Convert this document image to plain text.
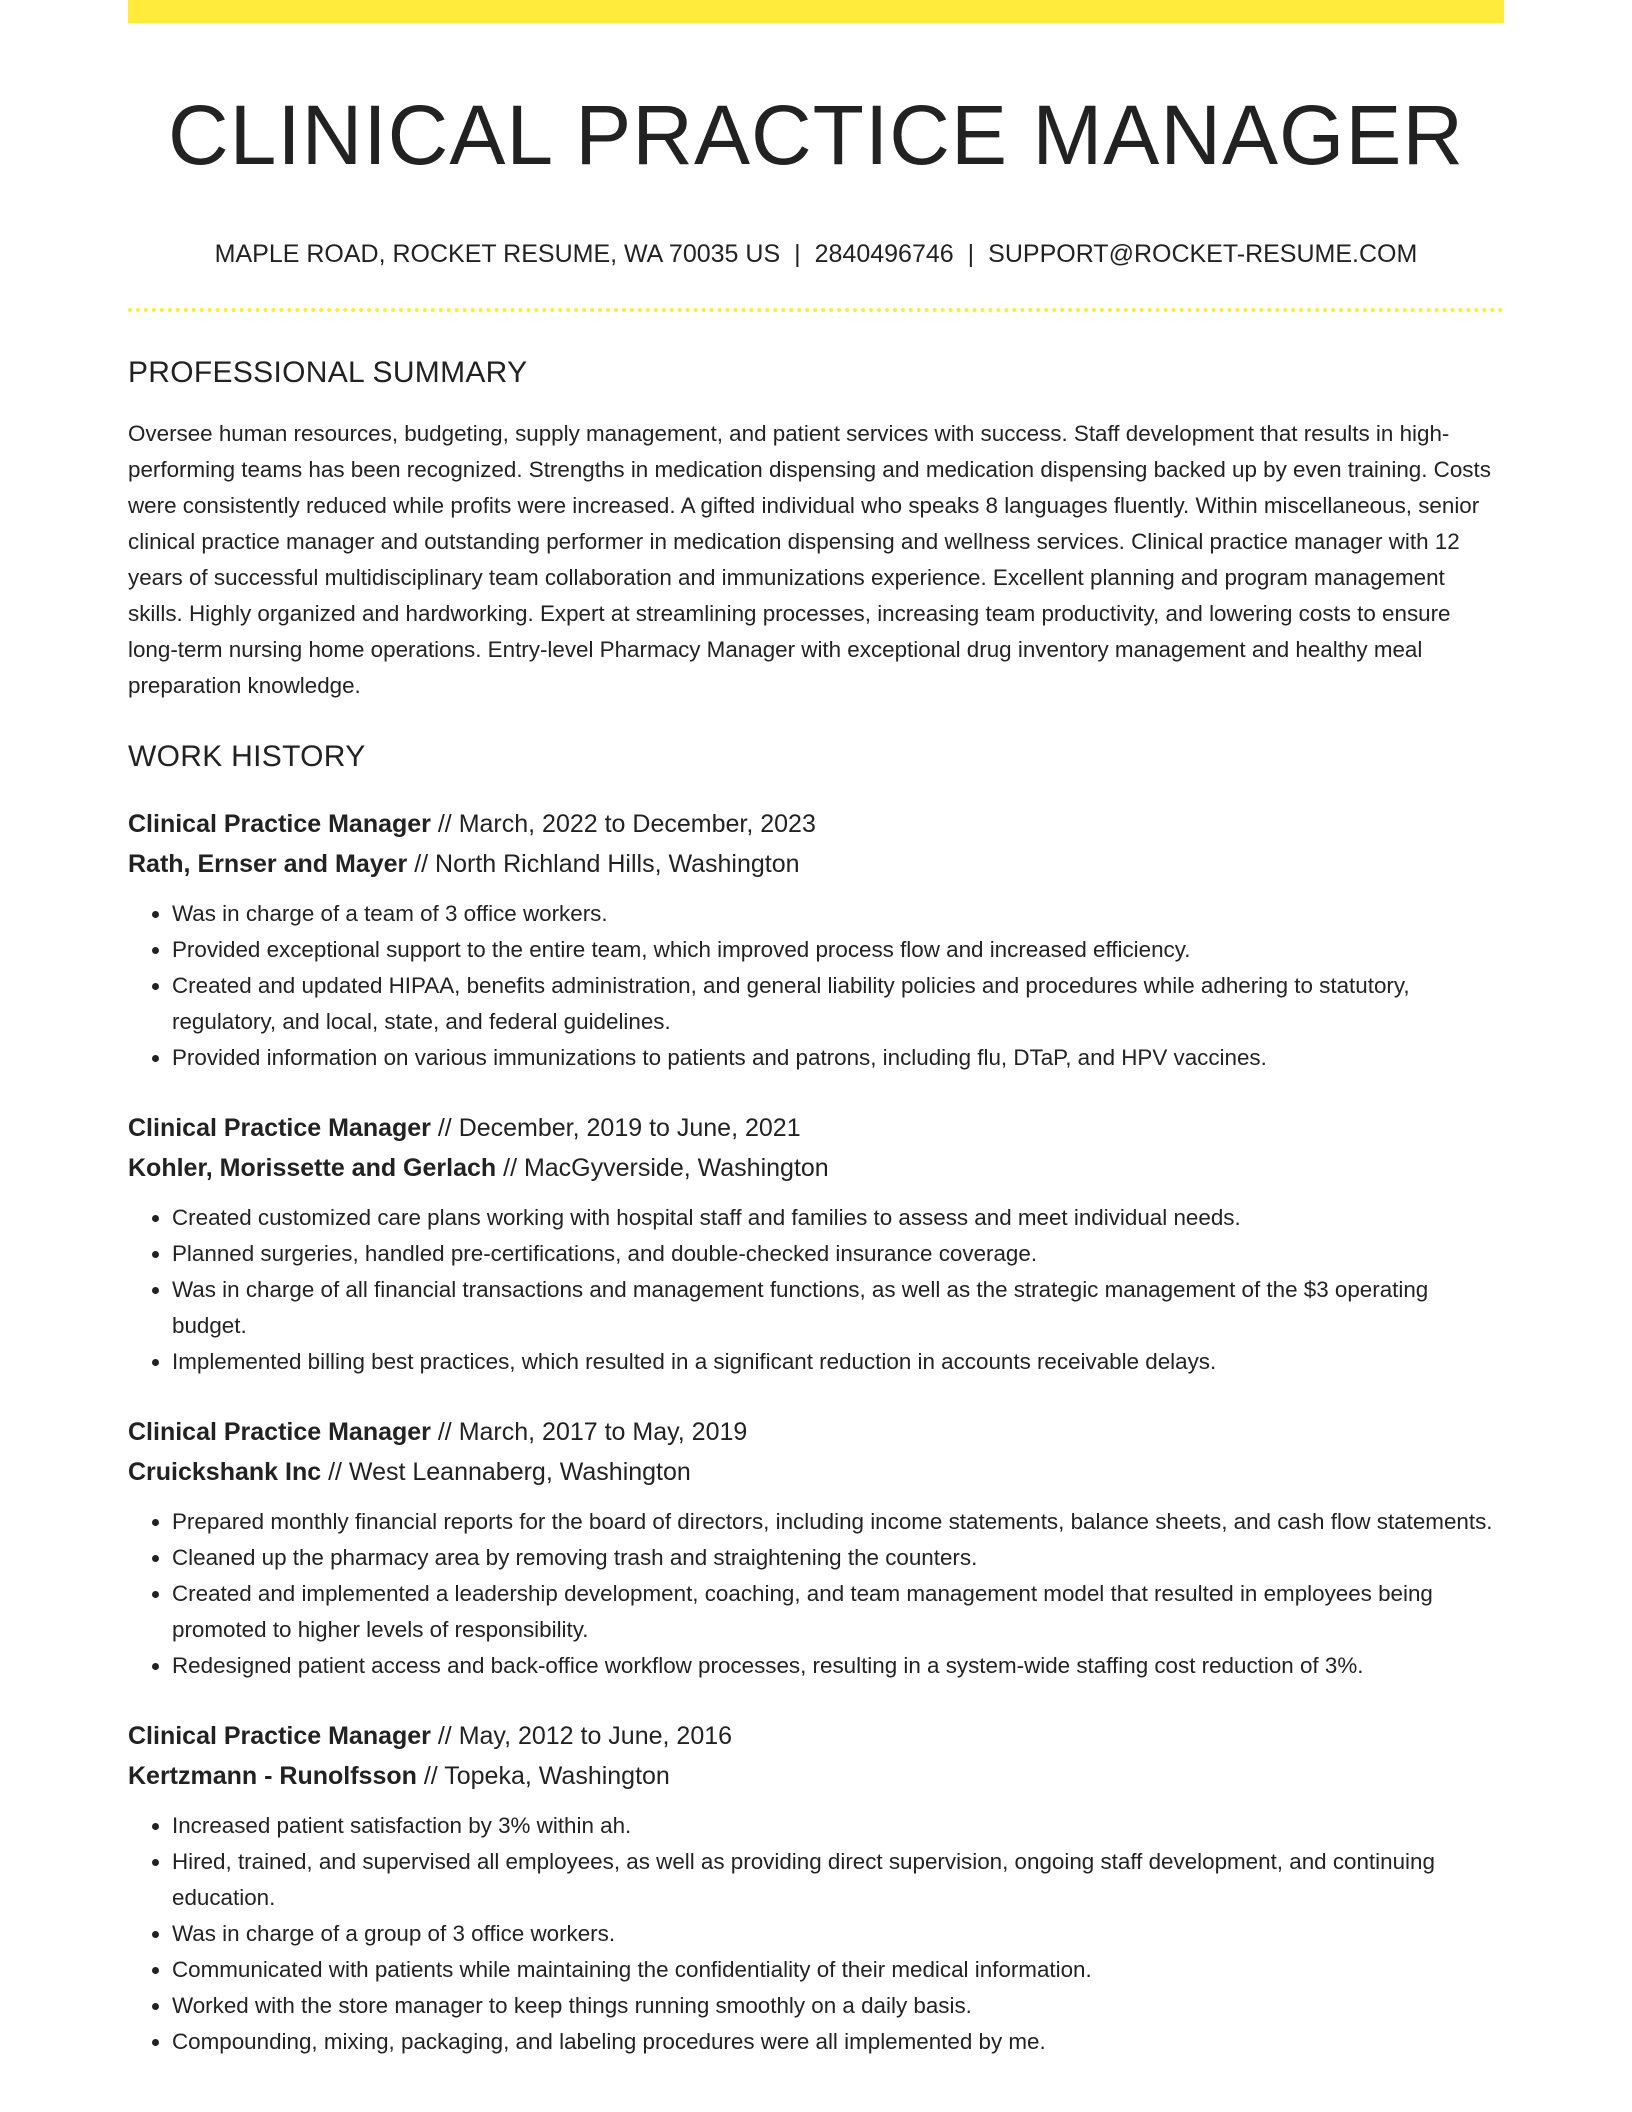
CLINICAL PRACTICE MANAGER
MAPLE ROAD, ROCKET RESUME, WA 70035 US | 2840496746 | SUPPORT@ROCKET-RESUME.COM
PROFESSIONAL SUMMARY

Oversee human resources, budgeting, supply management, and patient services with success. Staff development that results in high-performing teams has been recognized. Strengths in medication dispensing and medication dispensing backed up by even training. Costs were consistently reduced while profits were increased. A gifted individual who speaks 8 languages fluently. Within miscellaneous, senior clinical practice manager and outstanding performer in medication dispensing and wellness services. Clinical practice manager with 12 years of successful multidisciplinary team collaboration and immunizations experience. Excellent planning and program management skills. Highly organized and hardworking. Expert at streamlining processes, increasing team productivity, and lowering costs to ensure long-term nursing home operations. Entry-level Pharmacy Manager with exceptional drug inventory management and healthy meal preparation knowledge.

WORK HISTORY
Clinical Practice Manager // March, 2022 to December, 2023
Rath, Ernser and Mayer // North Richland Hills, Washington
• Was in charge of a team of 3 office workers.
• Provided exceptional support to the entire team, which improved process flow and increased efficiency.
• Created and updated HIPAA, benefits administration, and general liability policies and procedures while adhering to statutory, regulatory, and local, state, and federal guidelines.
• Provided information on various immunizations to patients and patrons, including flu, DTaP, and HPV vaccines.
Clinical Practice Manager // December, 2019 to June, 2021
Kohler, Morissette and Gerlach // MacGyverside, Washington
• Created customized care plans working with hospital staff and families to assess and meet individual needs.
• Planned surgeries, handled pre-certifications, and double-checked insurance coverage.
• Was in charge of all financial transactions and management functions, as well as the strategic management of the $3 operating budget.
• Implemented billing best practices, which resulted in a significant reduction in accounts receivable delays.
Clinical Practice Manager // March, 2017 to May, 2019
Cruickshank Inc // West Leannaberg, Washington
• Prepared monthly financial reports for the board of directors, including income statements, balance sheets, and cash flow statements.
• Cleaned up the pharmacy area by removing trash and straightening the counters.
• Created and implemented a leadership development, coaching, and team management model that resulted in employees being promoted to higher levels of responsibility.
• Redesigned patient access and back-office workflow processes, resulting in a system-wide staffing cost reduction of 3%.
Clinical Practice Manager // May, 2012 to June, 2016
Kertzmann - Runolfsson // Topeka, Washington
• Increased patient satisfaction by 3% within ah.
• Hired, trained, and supervised all employees, as well as providing direct supervision, ongoing staff development, and continuing education.
• Was in charge of a group of 3 office workers.
• Communicated with patients while maintaining the confidentiality of their medical information.
• Worked with the store manager to keep things running smoothly on a daily basis.
• Compounding, mixing, packaging, and labeling procedures were all implemented by me.
